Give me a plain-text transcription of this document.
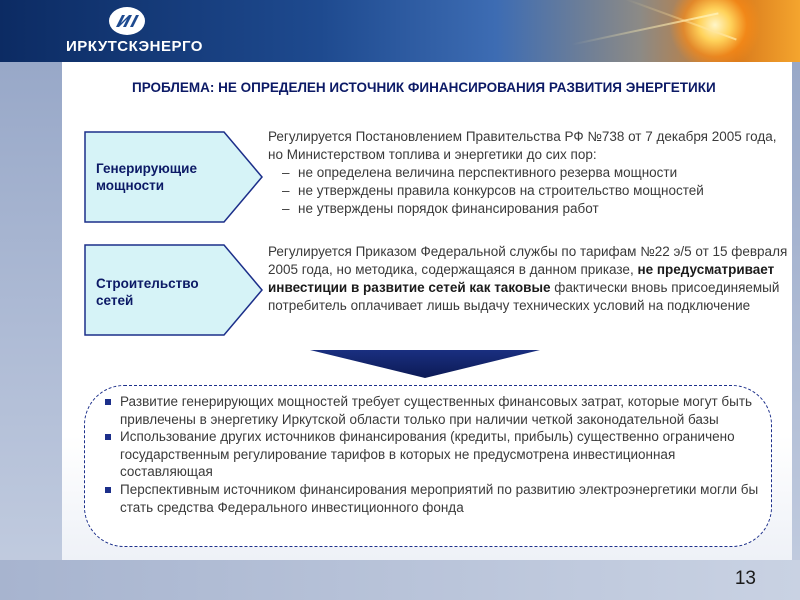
ИРКУТСКЭНЕРГО
ПРОБЛЕМА: НЕ ОПРЕДЕЛЕН ИСТОЧНИК ФИНАНСИРОВАНИЯ РАЗВИТИЯ ЭНЕРГЕТИКИ
Генерирующие
мощности
Регулируется Постановлением Правительства РФ №738 от 7 декабря 2005 года, но Министерством топлива и энергетики до сих пор:
– не определена величина перспективного резерва мощности
– не утверждены правила конкурсов на строительство мощностей
– не утверждены порядок финансирования работ
Строительство
сетей
Регулируется Приказом Федеральной службы по тарифам №22 э/5 от 15 февраля 2005 года, но методика, содержащаяся в данном приказе, не предусматривает инвестиции в развитие сетей как таковые фактически вновь присоединяемый потребитель оплачивает лишь выдачу технических условий на подключение
Развитие генерирующих мощностей требует существенных финансовых затрат, которые могут быть привлечены в энергетику Иркутской области только при наличии четкой законодательной базы
Использование других источников финансирования (кредиты, прибыль) существенно ограничено государственным регулирование тарифов в которых не предусмотрена инвестиционная составляющая
Перспективным источником финансирования мероприятий по развитию электроэнергетики могли бы стать средства Федерального инвестиционного фонда
13
